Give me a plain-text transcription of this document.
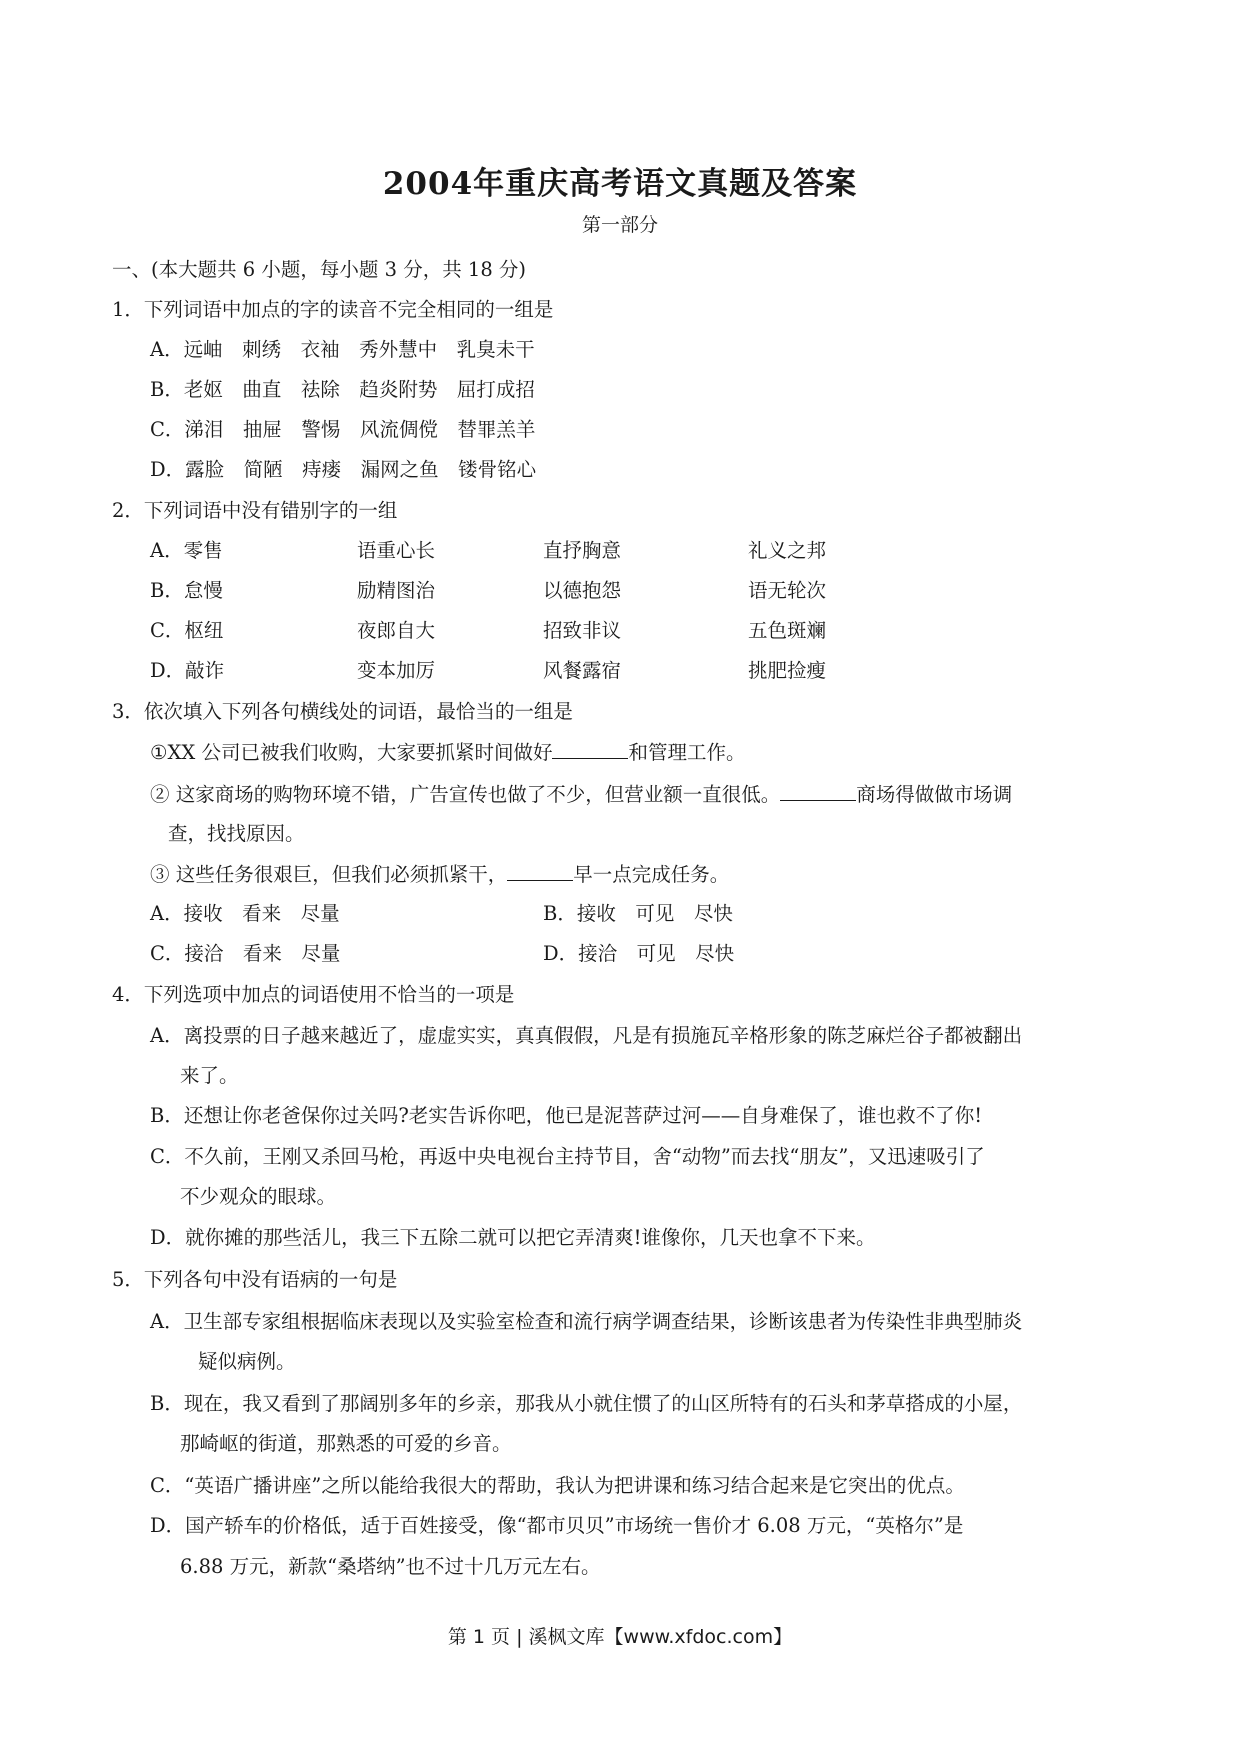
2004年重庆高考语文真题及答案
第一部分
一、(本大题共 6 小题，每小题 3 分，共 18 分)
1．下列词语中加点的字的读音不完全相同的一组是
A．远岫　刺绣　衣袖　秀外慧中　乳臭未干
B．老妪　曲直　祛除　趋炎附势　屈打成招
C．涕泪　抽屉　警惕　风流倜傥　替罪羔羊
D．露脸　简陋　痔瘘　漏网之鱼　镂骨铭心
2．下列词语中没有错别字的一组
A．零售	语重心长	直抒胸意	礼义之邦
B．怠慢	励精图治	以德抱怨	语无轮次
C．枢纽	夜郎自大	招致非议	五色斑斓
D．敲诈	变本加厉	风餐露宿	挑肥捡瘦
3．依次填入下列各句横线处的词语，最恰当的一组是
①XX 公司已被我们收购，大家要抓紧时间做好	和管理工作。
② 这家商场的购物环境不错，广告宣传也做了不少，但营业额一直很低。	商场得做做市场调
查，找找原因。
③ 这些任务很艰巨，但我们必须抓紧干，	早一点完成任务。
A．接收　看来　尽量	B．接收　可见　尽快
C．接洽　看来　尽量	D．接洽　可见　尽快
4．下列选项中加点的词语使用不恰当的一项是
A．离投票的日子越来越近了，虚虚实实，真真假假，凡是有损施瓦辛格形象的陈芝麻烂谷子都被翻出
来了。
B．还想让你老爸保你过关吗?老实告诉你吧，他已是泥菩萨过河——自身难保了，谁也救不了你!
C．不久前，王刚又杀回马枪，再返中央电视台主持节目，舍“动物”而去找“朋友”，又迅速吸引了
不少观众的眼球。
D．就你摊的那些活儿，我三下五除二就可以把它弄清爽!谁像你，几天也拿不下来。
5．下列各句中没有语病的一句是
A．卫生部专家组根据临床表现以及实验室检查和流行病学调查结果，诊断该患者为传染性非典型肺炎
疑似病例。
B．现在，我又看到了那阔别多年的乡亲，那我从小就住惯了的山区所特有的石头和茅草搭成的小屋，
那崎岖的街道，那熟悉的可爱的乡音。
C．“英语广播讲座”之所以能给我很大的帮助，我认为把讲课和练习结合起来是它突出的优点。
D．国产轿车的价格低，适于百姓接受，像“都市贝贝”市场统一售价才 6.08 万元，“英格尔”是
6.88 万元，新款“桑塔纳”也不过十几万元左右。
第 1 页 | 溪枫文库【www.xfdoc.com】
